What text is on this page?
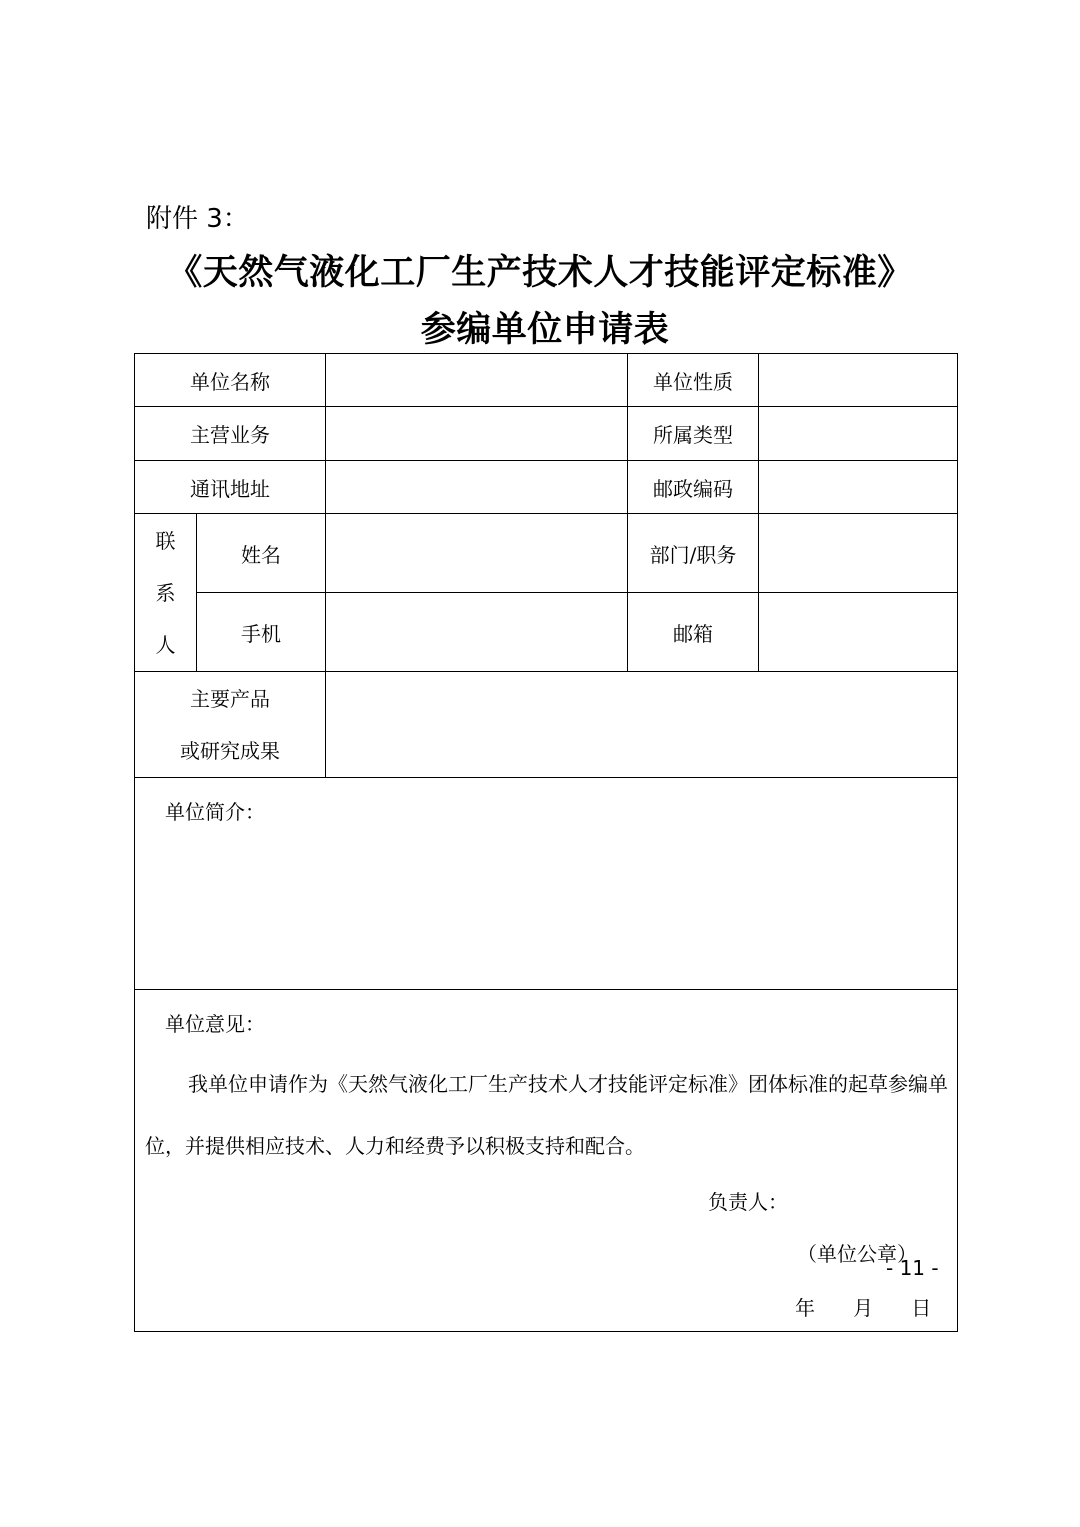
附件 3：
《天然气液化工厂生产技术人才技能评定标准》
参编单位申请表
单位名称			单位性质	
主营业务			所属类型	
通讯地址			邮政编码	

联
系
人	姓名		部门/职务	
	手机		邮箱	

主要产品
或研究成果				

单位简介：				

单位意见：
我单位申请作为《天然气液化工厂生产技术人才技能评定标准》团体标准的起草参编单位，并提供相应技术、人力和经费予以积极支持和配合。
负责人：
（单位公章）
年      月      日				
- 11 -
